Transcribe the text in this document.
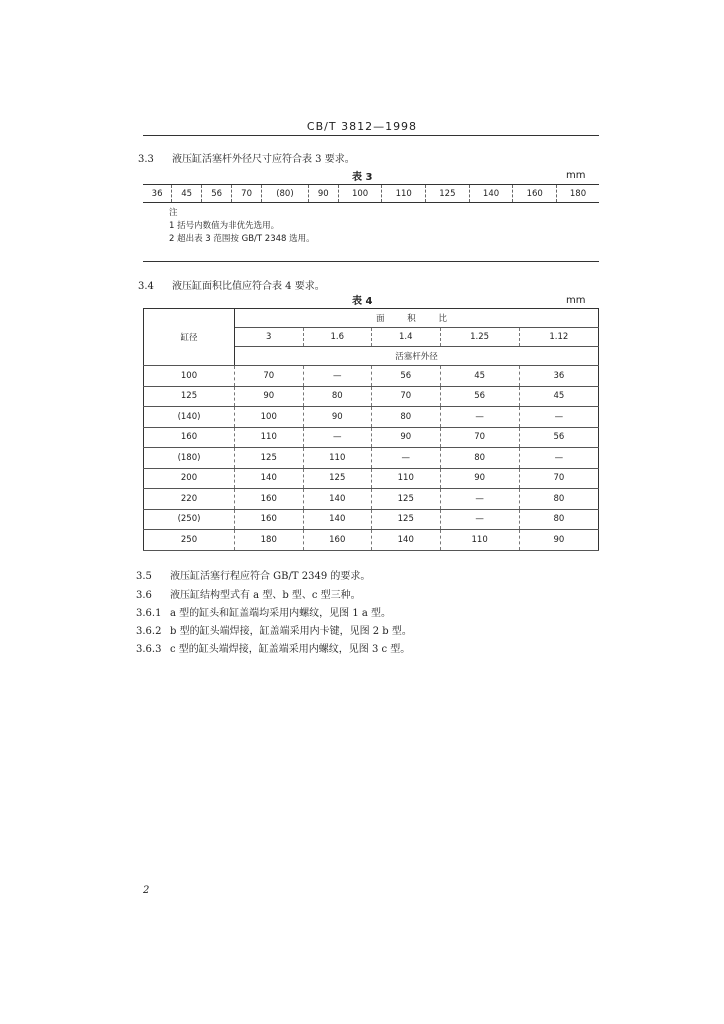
CB/T 3812—1998
3.3 液压缸活塞杆外径尺寸应符合表 3 要求。
表 3	mm
36	45	56	70	(80)	90	100	110	125	140	160	180

注
1 括号内数值为非优先选用。
2 超出表 3 范围按 GB/T 2348 选用。
3.4 液压缸面积比值应符合表 4 要求。
表 4	mm
缸径	面 积 比				
	3	1.6	1.4	1.25	1.12
	活塞杆外径				
100	70	—	56	45	36
125	90	80	70	56	45
(140)	100	90	80	—	—
160	110	—	90	70	56
(180)	125	110	—	80	—
200	140	125	110	90	70
220	160	140	125	—	80
(250)	160	140	125	—	80
250	180	160	140	110	90
3.5 液压缸活塞行程应符合 GB/T 2349 的要求。
3.6 液压缸结构型式有 a 型、b 型、c 型三种。
3.6.1 a 型的缸头和缸盖端均采用内螺纹，见图 1 a 型。
3.6.2 b 型的缸头端焊接，缸盖端采用内卡键，见图 2 b 型。
3.6.3 c 型的缸头端焊接，缸盖端采用内螺纹，见图 3 c 型。
2
